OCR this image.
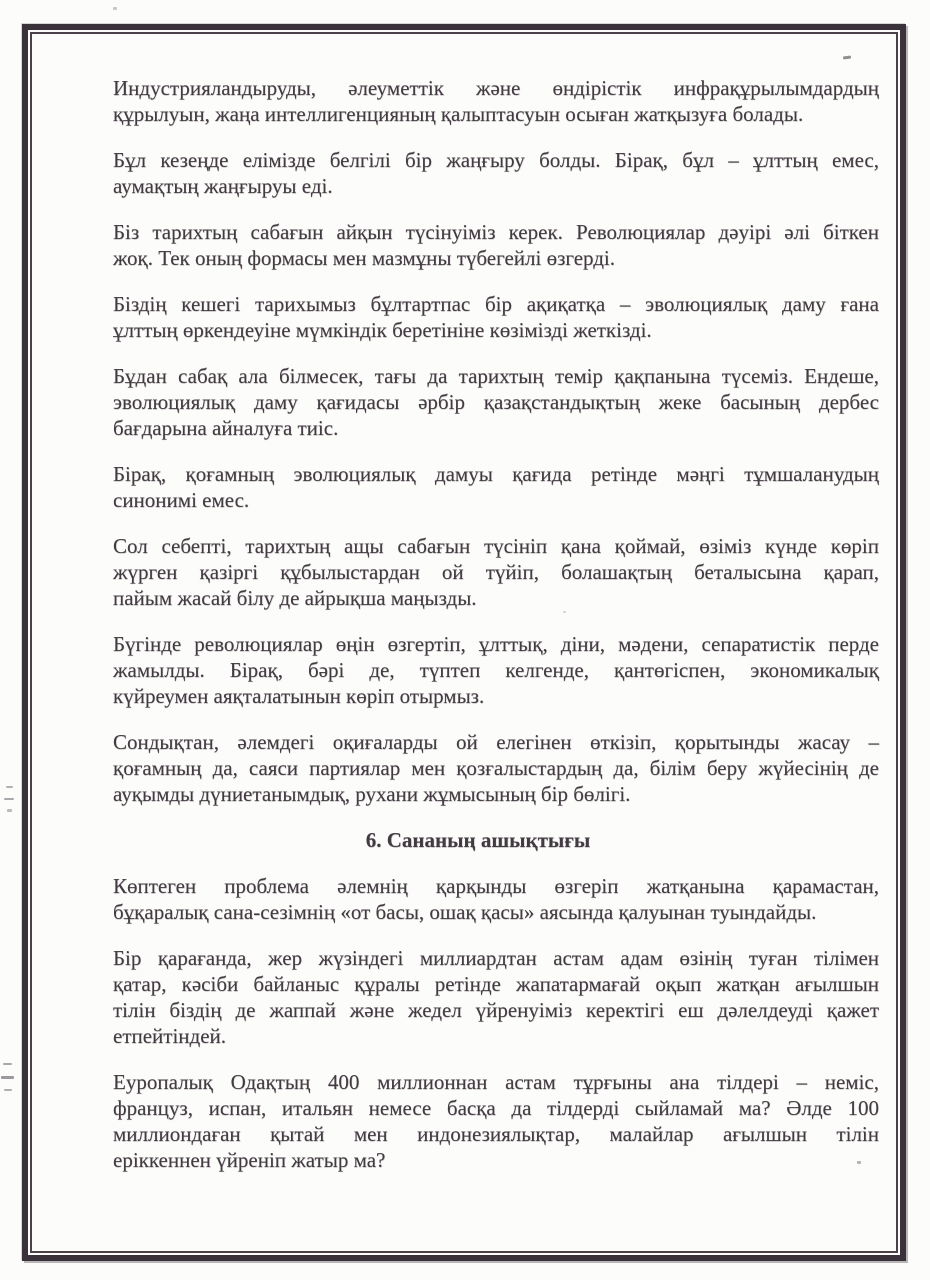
Индустрияландыруды, әлеуметтік және өндірістік инфрақұрылымдардың
құрылуын, жаңа интеллигенцияның қалыптасуын осыған жатқызуға болады.
Бұл кезеңде елімізде белгілі бір жаңғыру болды. Бірақ, бұл – ұлттың емес,
аумақтың жаңғыруы еді.
Біз тарихтың сабағын айқын түсінуіміз керек. Революциялар дәуірі әлі біткен
жоқ. Тек оның формасы мен мазмұны түбегейлі өзгерді.
Біздің кешегі тарихымыз бұлтартпас бір ақиқатқа – эволюциялық даму ғана
ұлттың өркендеуіне мүмкіндік беретініне көзімізді жеткізді.
Бұдан сабақ ала білмесек, тағы да тарихтың темір қақпанына түсеміз. Ендеше,
эволюциялық даму қағидасы әрбір қазақстандықтың жеке басының дербес
бағдарына айналуға тиіс.
Бірақ, қоғамның эволюциялық дамуы қағида ретінде мәңгі тұмшаланудың
синонимі емес.
Сол себепті, тарихтың ащы сабағын түсініп қана қоймай, өзіміз күнде көріп
жүрген қазіргі құбылыстардан ой түйіп, болашақтың беталысына қарап,
пайым жасай білу де айрықша маңызды.
Бүгінде революциялар өңін өзгертіп, ұлттық, діни, мәдени, сепаратистік перде
жамылды. Бірақ, бәрі де, түптеп келгенде, қантөгіспен, экономикалық
күйреумен аяқталатынын көріп отырмыз.
Сондықтан, әлемдегі оқиғаларды ой елегінен өткізіп, қорытынды жасау –
қоғамның да, саяси партиялар мен қозғалыстардың да, білім беру жүйесінің де
ауқымды дүниетанымдық, рухани жұмысының бір бөлігі.
6. Сананың ашықтығы
Көптеген проблема әлемнің қарқынды өзгеріп жатқанына қарамастан,
бұқаралық сана-сезімнің «от басы, ошақ қасы» аясында қалуынан туындайды.
Бір қарағанда, жер жүзіндегі миллиардтан астам адам өзінің туған тілімен
қатар, кәсіби байланыс құралы ретінде жапатармағай оқып жатқан ағылшын
тілін біздің де жаппай және жедел үйренуіміз керектігі еш дәлелдеуді қажет
етпейтіндей.
Еуропалық Одақтың 400 миллионнан астам тұрғыны ана тілдері – неміс,
француз, испан, итальян немесе басқа да тілдерді сыйламай ма? Әлде 100
миллиондаған қытай мен индонезиялықтар, малайлар ағылшын тілін
еріккеннен үйреніп жатыр ма?
